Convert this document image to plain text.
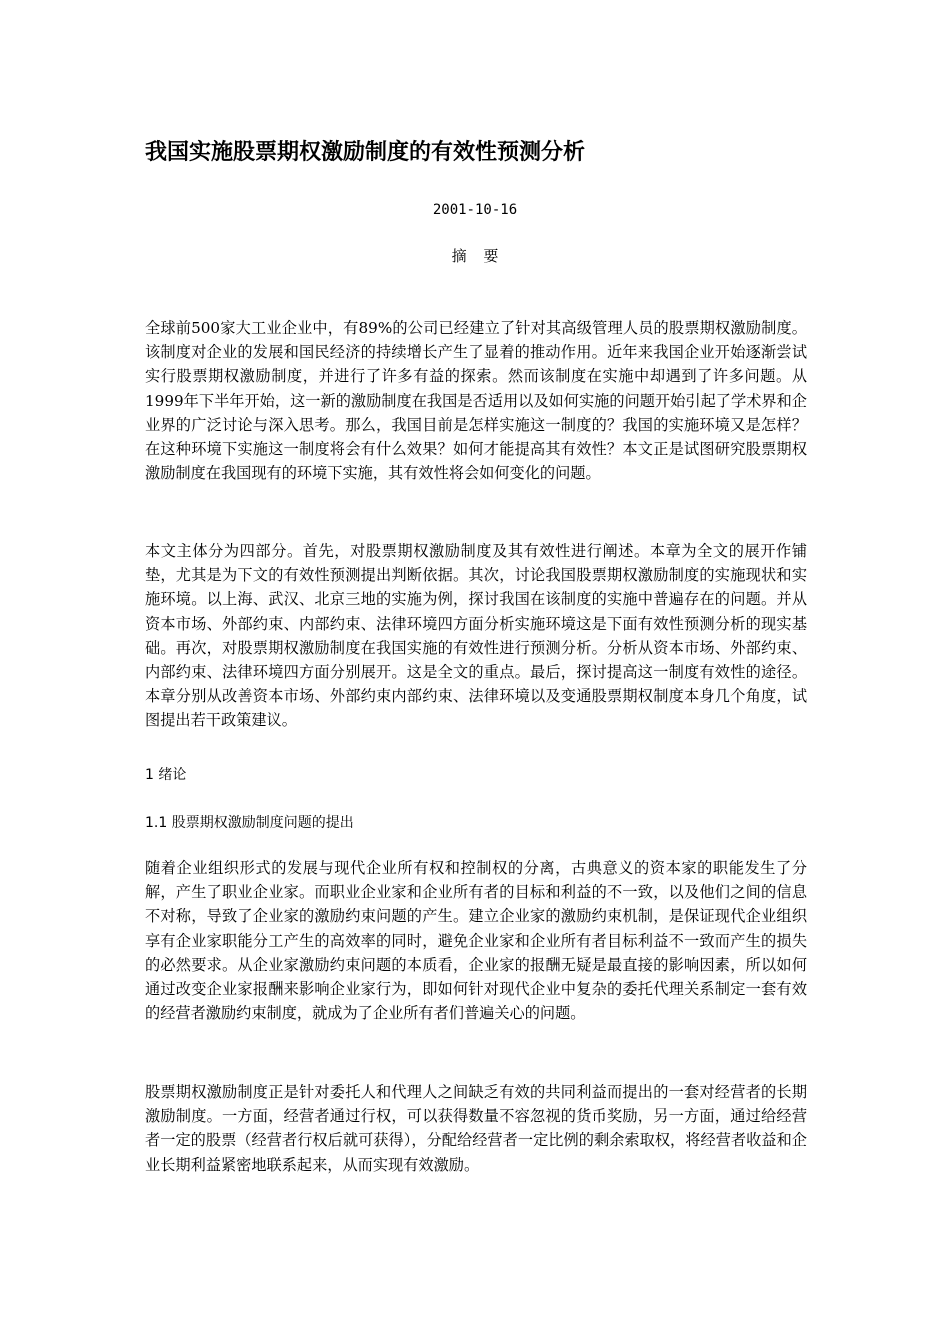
我国实施股票期权激励制度的有效性预测分析
2001-10-16
摘 要

全球前500家大工业企业中，有89%的公司已经建立了针对其高级管理人员的股票期权激励制度。该制度对企业的发展和国民经济的持续增长产生了显着的推动作用。近年来我国企业开始逐渐尝试实行股票期权激励制度，并进行了许多有益的探索。然而该制度在实施中却遇到了许多问题。从1999年下半年开始，这一新的激励制度在我国是否适用以及如何实施的问题开始引起了学术界和企业界的广泛讨论与深入思考。那么，我国目前是怎样实施这一制度的？我国的实施环境又是怎样？在这种环境下实施这一制度将会有什么效果？如何才能提高其有效性？本文正是试图研究股票期权激励制度在我国现有的环境下实施，其有效性将会如何变化的问题。

本文主体分为四部分。首先，对股票期权激励制度及其有效性进行阐述。本章为全文的展开作铺垫，尤其是为下文的有效性预测提出判断依据。其次，讨论我国股票期权激励制度的实施现状和实施环境。以上海、武汉、北京三地的实施为例，探讨我国在该制度的实施中普遍存在的问题。并从资本市场、外部约束、内部约束、法律环境四方面分析实施环境这是下面有效性预测分析的现实基础。再次，对股票期权激励制度在我国实施的有效性进行预测分析。分析从资本市场、外部约束、内部约束、法律环境四方面分别展开。这是全文的重点。最后，探讨提高这一制度有效性的途径。本章分别从改善资本市场、外部约束内部约束、法律环境以及变通股票期权制度本身几个角度，试图提出若干政策建议。

1 绪论
1.1 股票期权激励制度问题的提出

随着企业组织形式的发展与现代企业所有权和控制权的分离，古典意义的资本家的职能发生了分解，产生了职业企业家。而职业企业家和企业所有者的目标和利益的不一致，以及他们之间的信息不对称，导致了企业家的激励约束问题的产生。建立企业家的激励约束机制，是保证现代企业组织享有企业家职能分工产生的高效率的同时，避免企业家和企业所有者目标利益不一致而产生的损失的必然要求。从企业家激励约束问题的本质看，企业家的报酬无疑是最直接的影响因素，所以如何通过改变企业家报酬来影响企业家行为，即如何针对现代企业中复杂的委托代理关系制定一套有效的经营者激励约束制度，就成为了企业所有者们普遍关心的问题。

股票期权激励制度正是针对委托人和代理人之间缺乏有效的共同利益而提出的一套对经营者的长期激励制度。一方面，经营者通过行权，可以获得数量不容忽视的货币奖励，另一方面，通过给经营者一定的股票（经营者行权后就可获得），分配给经营者一定比例的剩余索取权，将经营者收益和企业长期利益紧密地联系起来，从而实现有效激励。
